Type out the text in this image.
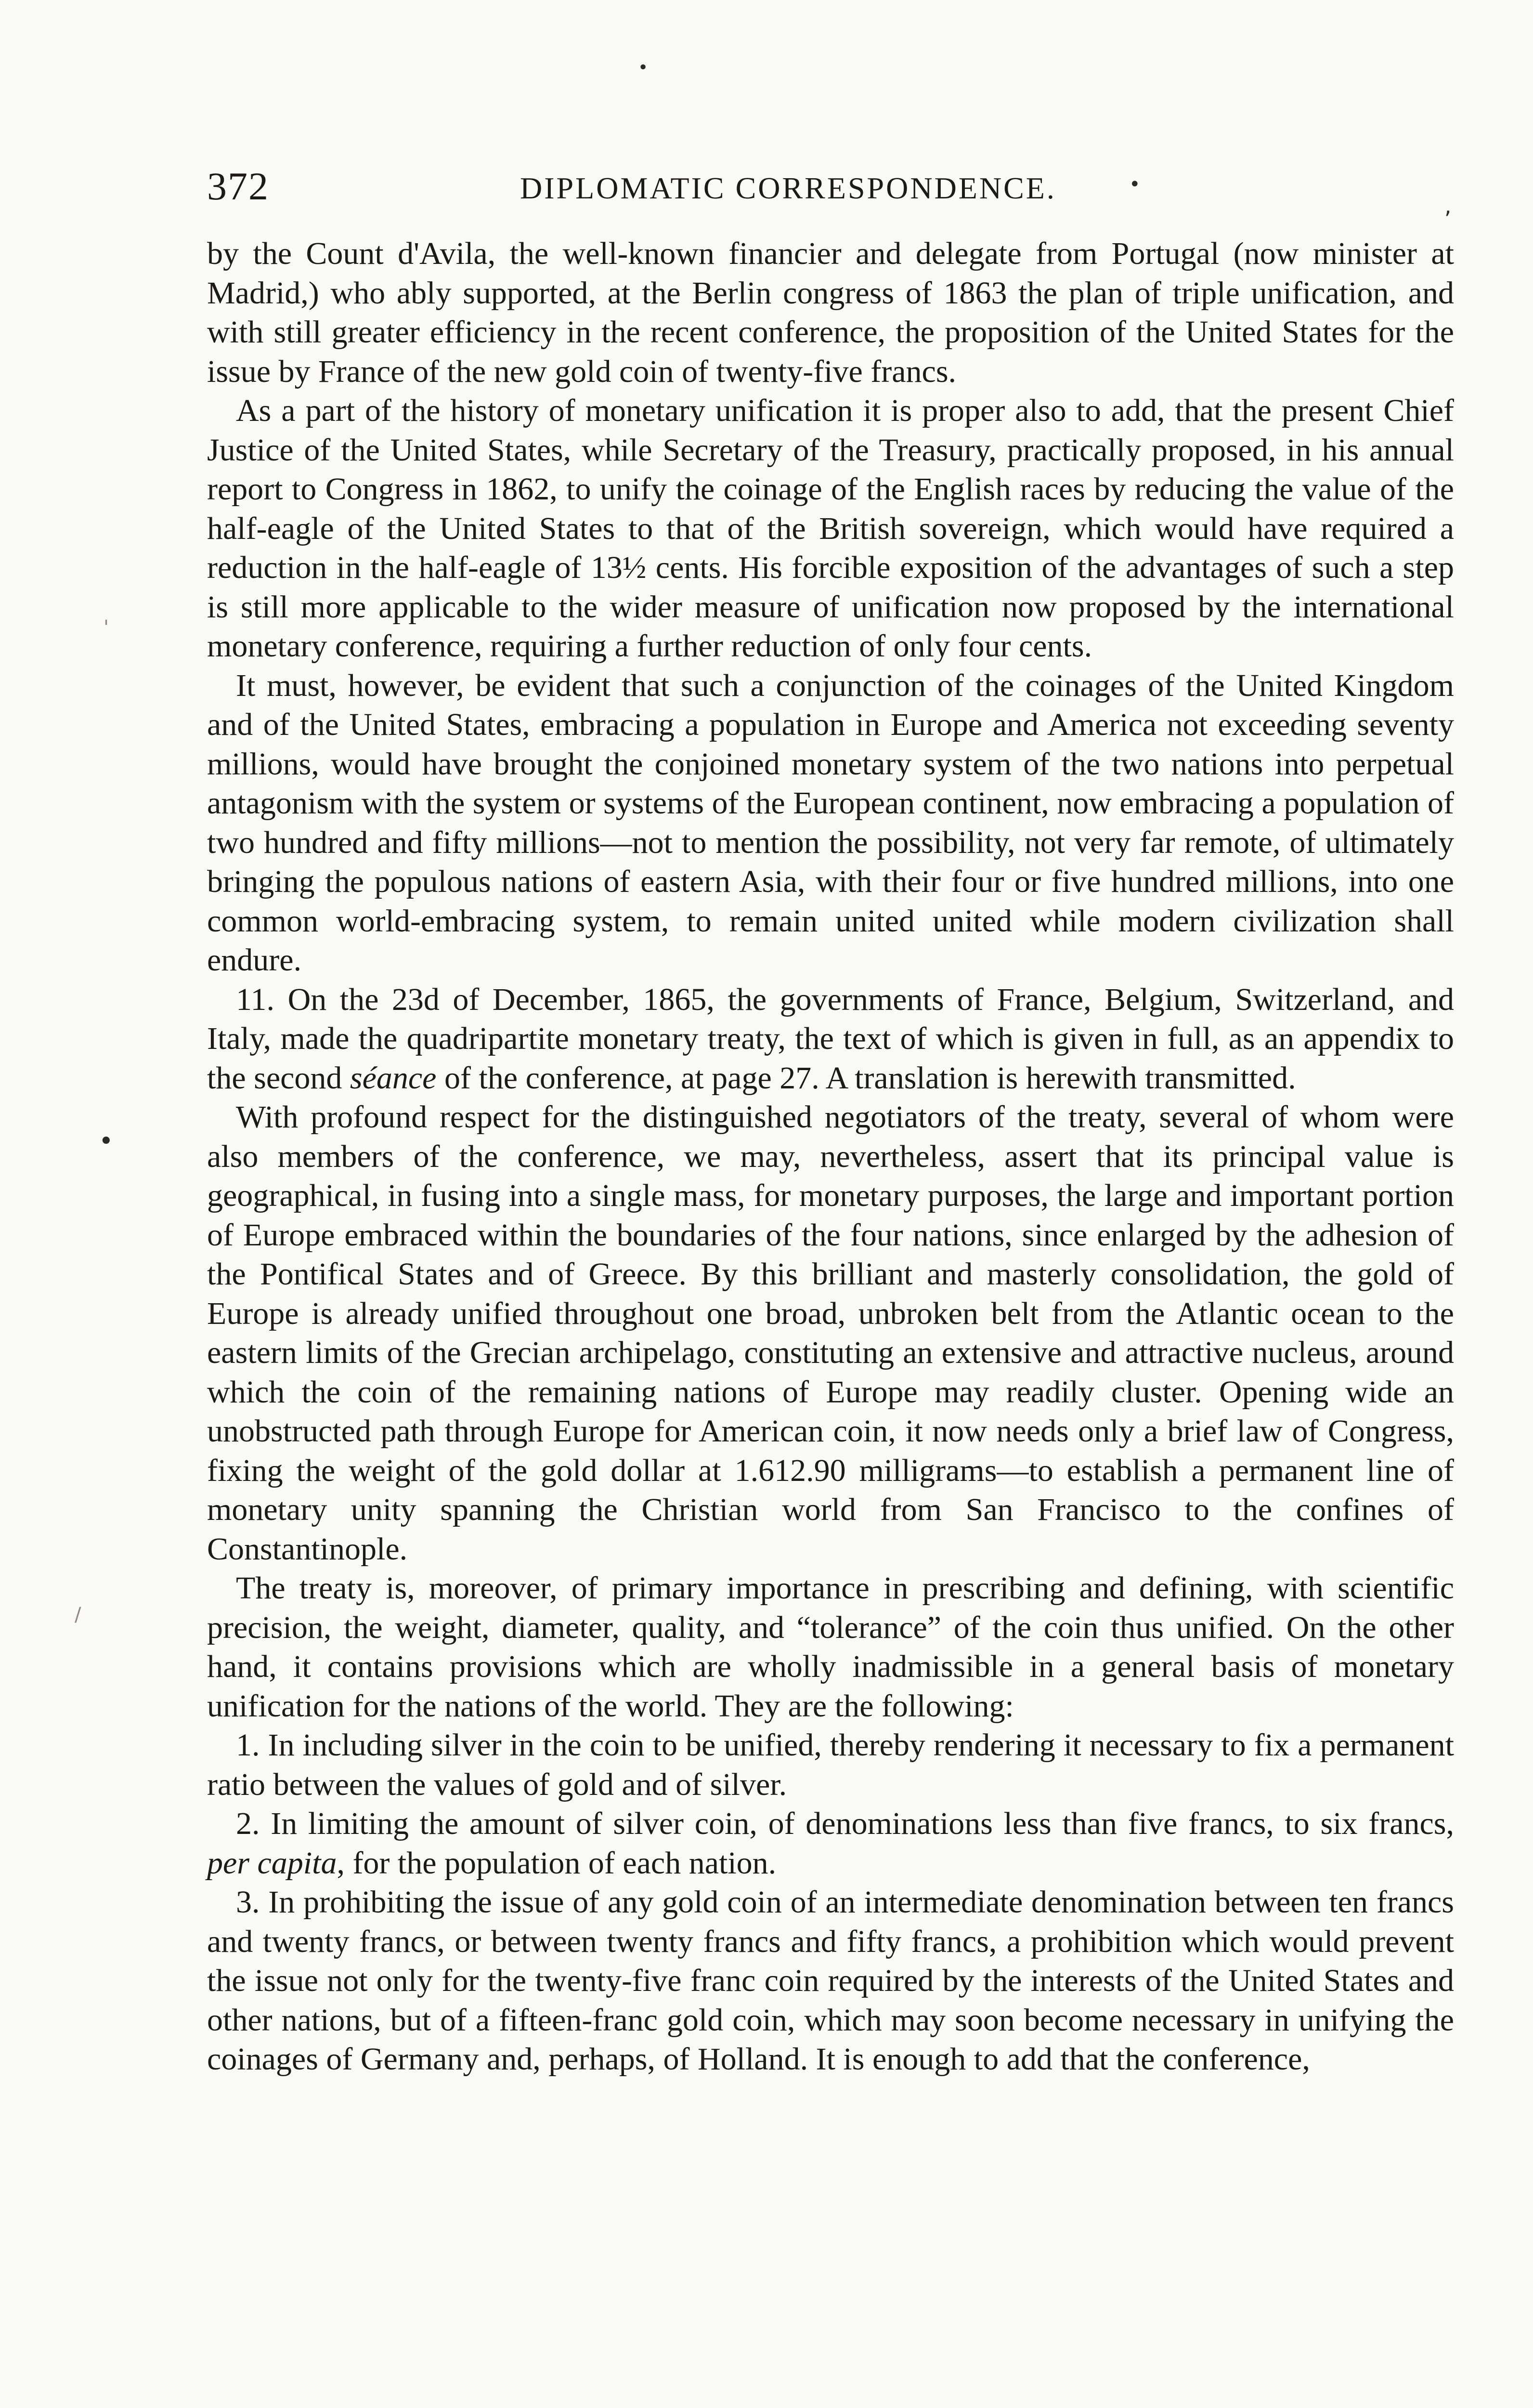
•
372	DIPLOMATIC CORRESPONDENCE.	•
,
'
•
/

by the Count d'Avila, the well-known financier and delegate from Portugal (now minister at Madrid,) who ably supported, at the Berlin congress of 1863 the plan of triple unification, and with still greater efficiency in the recent conference, the proposition of the United States for the issue by France of the new gold coin of twenty-five francs.

As a part of the history of monetary unification it is proper also to add, that the present Chief Justice of the United States, while Secretary of the Treasury, practically proposed, in his annual report to Congress in 1862, to unify the coinage of the English races by reducing the value of the half-eagle of the United States to that of the British sovereign, which would have required a reduction in the half-eagle of 13½ cents. His forcible exposition of the advantages of such a step is still more applicable to the wider measure of unification now proposed by the international monetary conference, requiring a further reduction of only four cents.

It must, however, be evident that such a conjunction of the coinages of the United Kingdom and of the United States, embracing a population in Europe and America not exceeding seventy millions, would have brought the conjoined monetary system of the two nations into perpetual antagonism with the system or systems of the European continent, now embracing a population of two hundred and fifty millions—not to mention the possibility, not very far remote, of ultimately bringing the populous nations of eastern Asia, with their four or five hundred millions, into one common world-embracing system, to remain united united while modern civilization shall endure.

11. On the 23d of December, 1865, the governments of France, Belgium, Switzerland, and Italy, made the quadripartite monetary treaty, the text of which is given in full, as an appendix to the second séance of the conference, at page 27. A translation is herewith transmitted.

With profound respect for the distinguished negotiators of the treaty, several of whom were also members of the conference, we may, nevertheless, assert that its principal value is geographical, in fusing into a single mass, for monetary purposes, the large and important portion of Europe embraced within the boundaries of the four nations, since enlarged by the adhesion of the Pontifical States and of Greece. By this brilliant and masterly consolidation, the gold of Europe is already unified throughout one broad, unbroken belt from the Atlantic ocean to the eastern limits of the Grecian archipelago, constituting an extensive and attractive nucleus, around which the coin of the remaining nations of Europe may readily cluster. Opening wide an unobstructed path through Europe for American coin, it now needs only a brief law of Congress, fixing the weight of the gold dollar at 1.612.90 milligrams—to establish a permanent line of monetary unity spanning the Christian world from San Francisco to the confines of Constantinople.

The treaty is, moreover, of primary importance in prescribing and defining, with scientific precision, the weight, diameter, quality, and “tolerance” of the coin thus unified. On the other hand, it contains provisions which are wholly inadmissible in a general basis of monetary unification for the nations of the world. They are the following:

1. In including silver in the coin to be unified, thereby rendering it necessary to fix a permanent ratio between the values of gold and of silver.

2. In limiting the amount of silver coin, of denominations less than five francs, to six francs, per capita, for the population of each nation.

3. In prohibiting the issue of any gold coin of an intermediate denomination between ten francs and twenty francs, or between twenty francs and fifty francs, a prohibition which would prevent the issue not only for the twenty-five franc coin required by the interests of the United States and other nations, but of a fifteen-franc gold coin, which may soon become necessary in unifying the coinages of Germany and, perhaps, of Holland. It is enough to add that the conference,
